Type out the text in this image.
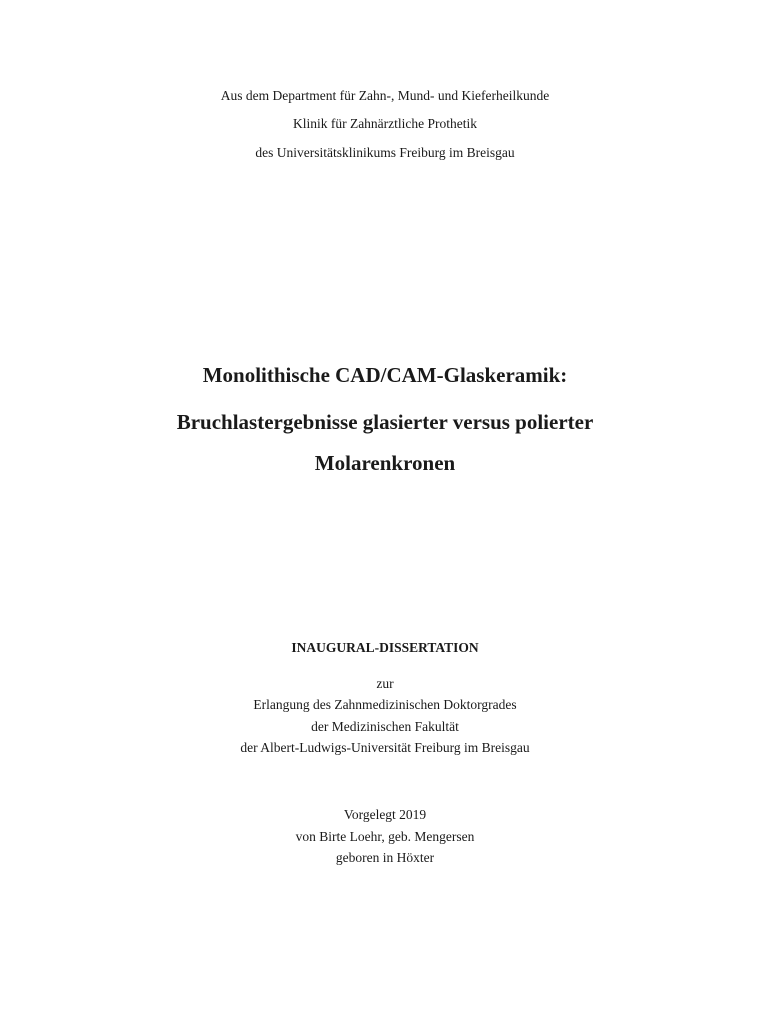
Aus dem Department für Zahn-, Mund- und Kieferheilkunde
Klinik für Zahnärztliche Prothetik
des Universitätsklinikums Freiburg im Breisgau
Monolithische CAD/CAM-Glaskeramik:
Bruchlastergebnisse glasierter versus polierter
Molarenkronen
INAUGURAL-DISSERTATION
zur
Erlangung des Zahnmedizinischen Doktorgrades
der Medizinischen Fakultät
der Albert-Ludwigs-Universität Freiburg im Breisgau
Vorgelegt 2019
von Birte Loehr, geb. Mengersen
geboren in Höxter
